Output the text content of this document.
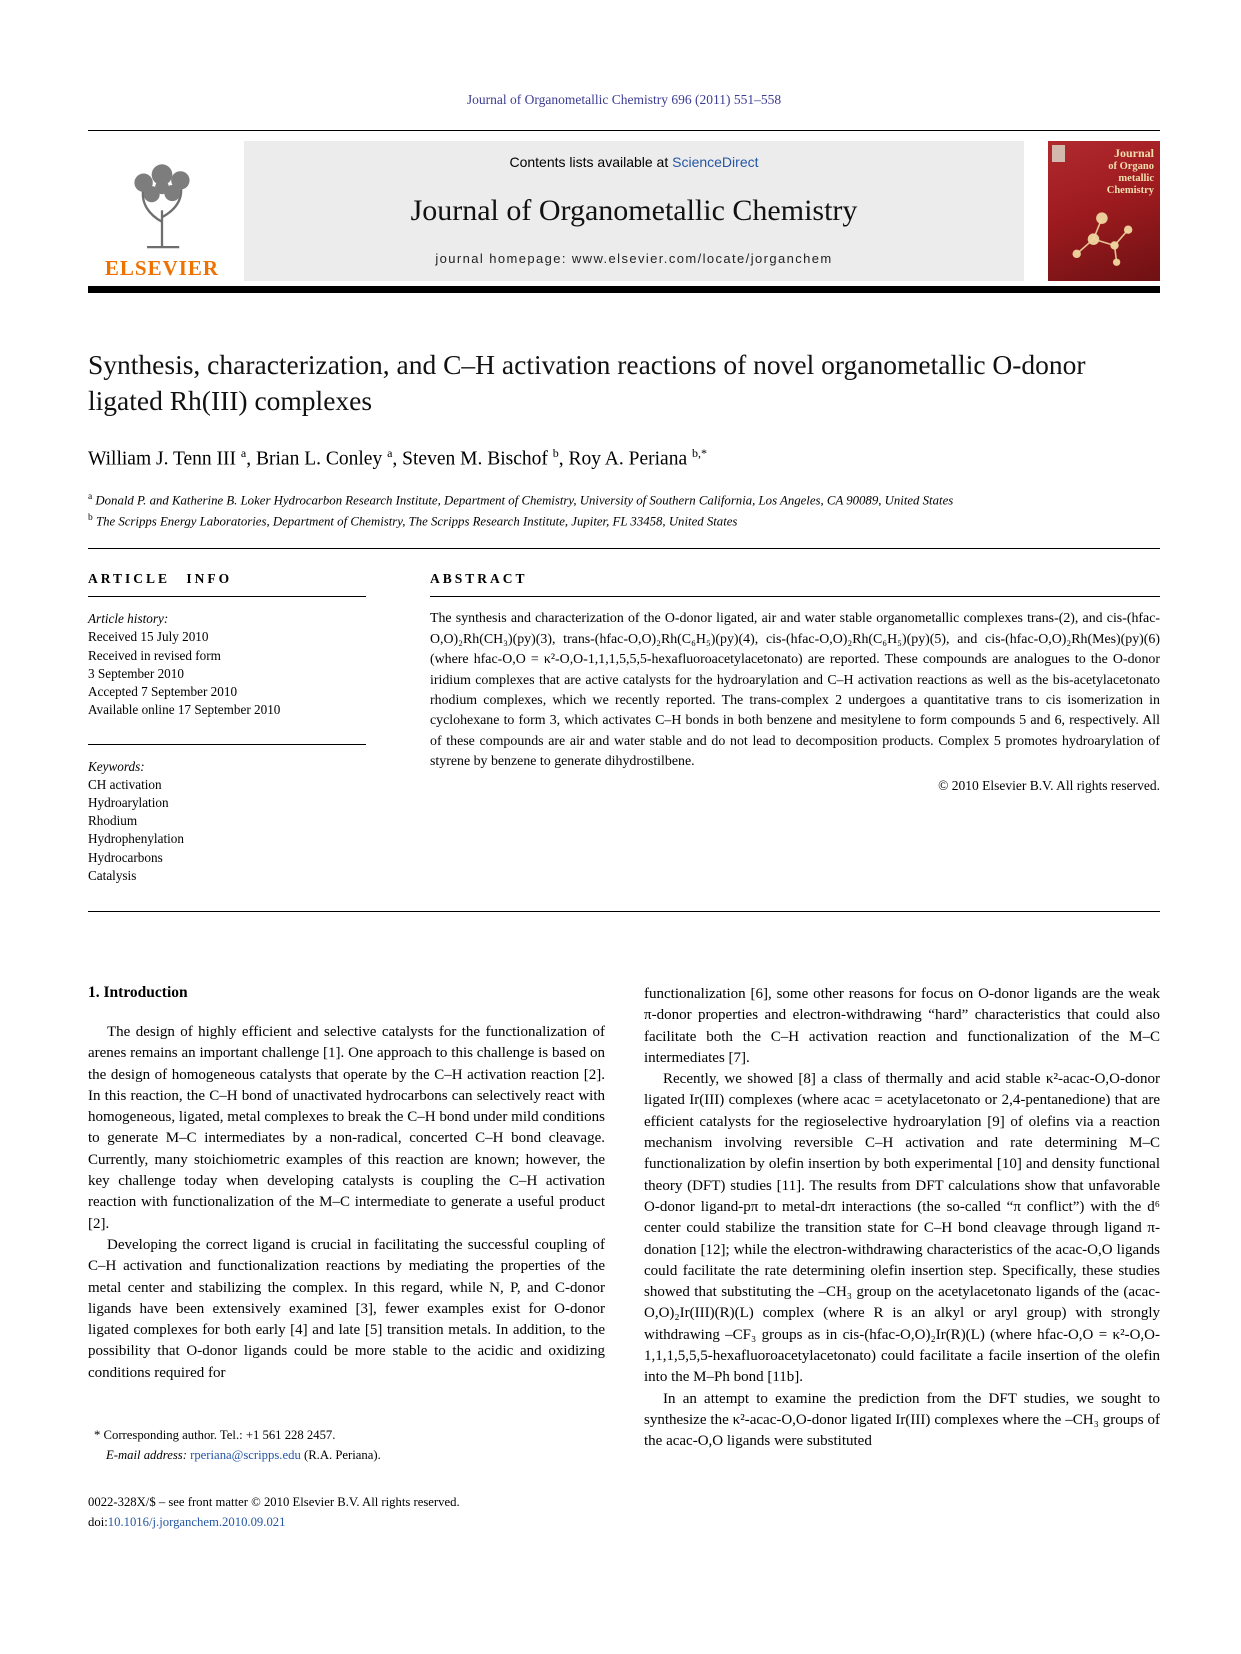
Journal of Organometallic Chemistry 696 (2011) 551–558
ELSEVIER
Contents lists available at ScienceDirect
Journal of Organometallic Chemistry
journal homepage: www.elsevier.com/locate/jorganchem
Journal
of Organo
metallic
Chemistry
Synthesis, characterization, and C–H activation reactions of novel organometallic O-donor ligated Rh(III) complexes
William J. Tenn III $^a$, Brian L. Conley $^a$, Steven M. Bischof $^b$, Roy A. Periana $^{b,*}$
$^a$ Donald P. and Katherine B. Loker Hydrocarbon Research Institute, Department of Chemistry, University of Southern California, Los Angeles, CA 90089, United States
$^b$ The Scripps Energy Laboratories, Department of Chemistry, The Scripps Research Institute, Jupiter, FL 33458, United States
ARTICLE INFO
Article history:
Received 15 July 2010
Received in revised form
3 September 2010
Accepted 7 September 2010
Available online 17 September 2010
Keywords:
CH activation
Hydroarylation
Rhodium
Hydrophenylation
Hydrocarbons
Catalysis
ABSTRACT

The synthesis and characterization of the O-donor ligated, air and water stable organometallic complexes trans-(2), and cis-(hfac-O,O)₂Rh(CH₃)(py)(3), trans-(hfac-O,O)₂Rh(C₆H₅)(py)(4), cis-(hfac-O,O)₂Rh(C₆H₅)(py)(5), and cis-(hfac-O,O)₂Rh(Mes)(py)(6) (where hfac-O,O = κ²-O,O-1,1,1,5,5,5-hexafluoroacetylacetonato) are reported. These compounds are analogues to the O-donor iridium complexes that are active catalysts for the hydroarylation and C–H activation reactions as well as the bis-acetylacetonato rhodium complexes, which we recently reported. The trans-complex 2 undergoes a quantitative trans to cis isomerization in cyclohexane to form 3, which activates C–H bonds in both benzene and mesitylene to form compounds 5 and 6, respectively. All of these compounds are air and water stable and do not lead to decomposition products. Complex 5 promotes hydroarylation of styrene by benzene to generate dihydrostilbene.

© 2010 Elsevier B.V. All rights reserved.
1. Introduction

The design of highly efficient and selective catalysts for the functionalization of arenes remains an important challenge [1]. One approach to this challenge is based on the design of homogeneous catalysts that operate by the C–H activation reaction [2]. In this reaction, the C–H bond of unactivated hydrocarbons can selectively react with homogeneous, ligated, metal complexes to break the C–H bond under mild conditions to generate M–C intermediates by a non-radical, concerted C–H bond cleavage. Currently, many stoichiometric examples of this reaction are known; however, the key challenge today when developing catalysts is coupling the C–H activation reaction with functionalization of the M–C intermediate to generate a useful product [2].

Developing the correct ligand is crucial in facilitating the successful coupling of C–H activation and functionalization reactions by mediating the properties of the metal center and stabilizing the complex. In this regard, while N, P, and C-donor ligands have been extensively examined [3], fewer examples exist for O-donor ligated complexes for both early [4] and late [5] transition metals. In addition, to the possibility that O-donor ligands could be more stable to the acidic and oxidizing conditions required for

* Corresponding author. Tel.: +1 561 228 2457.
E-mail address: rperiana@scripps.edu (R.A. Periana).
0022-328X/$ – see front matter © 2010 Elsevier B.V. All rights reserved.
doi:10.1016/j.jorganchem.2010.09.021

functionalization [6], some other reasons for focus on O-donor ligands are the weak π-donor properties and electron-withdrawing “hard” characteristics that could also facilitate both the C–H activation reaction and functionalization of the M–C intermediates [7].

Recently, we showed [8] a class of thermally and acid stable κ²-acac-O,O-donor ligated Ir(III) complexes (where acac = acetylacetonato or 2,4-pentanedione) that are efficient catalysts for the regioselective hydroarylation [9] of olefins via a reaction mechanism involving reversible C–H activation and rate determining M–C functionalization by olefin insertion by both experimental [10] and density functional theory (DFT) studies [11]. The results from DFT calculations show that unfavorable O-donor ligand-pπ to metal-dπ interactions (the so-called “π conflict”) with the d⁶ center could stabilize the transition state for C–H bond cleavage through ligand π-donation [12]; while the electron-withdrawing characteristics of the acac-O,O ligands could facilitate the rate determining olefin insertion step. Specifically, these studies showed that substituting the –CH₃ group on the acetylacetonato ligands of the (acac-O,O)₂Ir(III)(R)(L) complex (where R is an alkyl or aryl group) with strongly withdrawing –CF₃ groups as in cis-(hfac-O,O)₂Ir(R)(L) (where hfac-O,O = κ²-O,O-1,1,1,5,5,5-hexafluoroacetylacetonato) could facilitate a facile insertion of the olefin into the M–Ph bond [11b].

In an attempt to examine the prediction from the DFT studies, we sought to synthesize the κ²-acac-O,O-donor ligated Ir(III) complexes where the –CH₃ groups of the acac-O,O ligands were substituted
